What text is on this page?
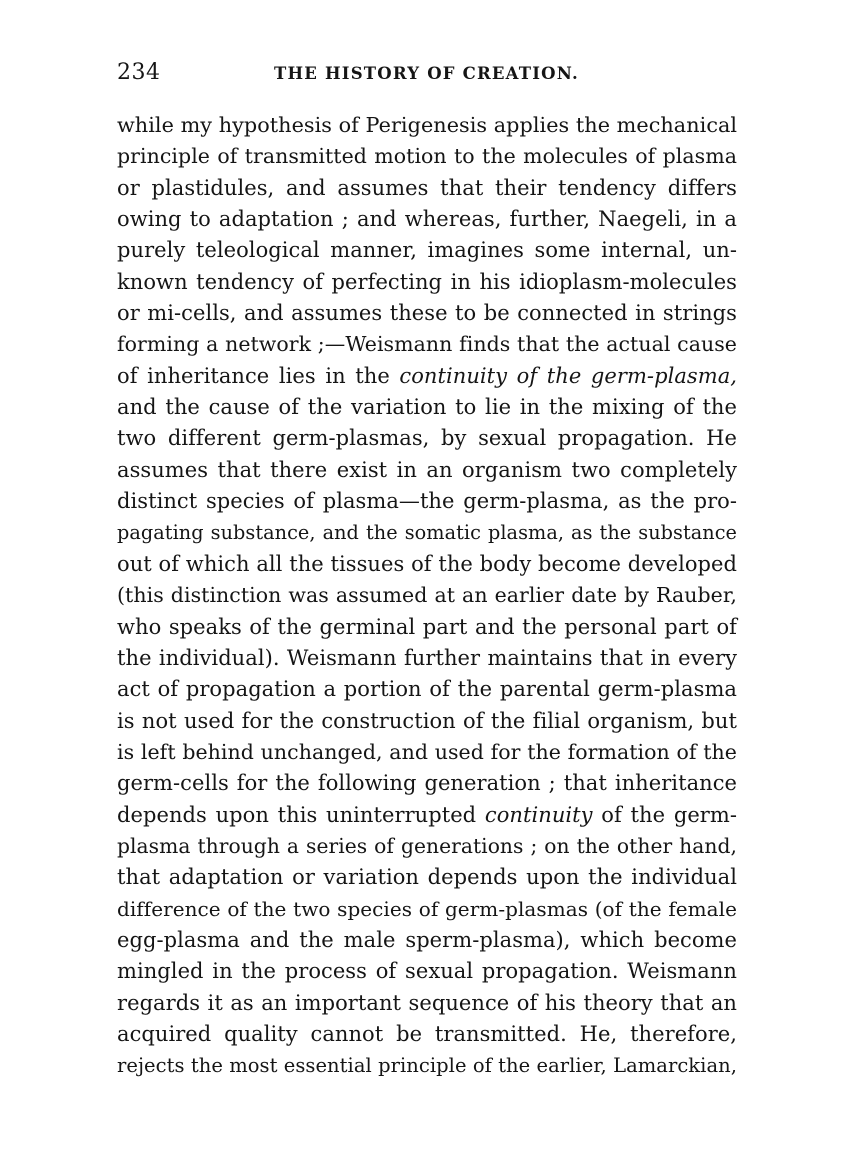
234	THE HISTORY OF CREATION.
while my hypothesis of Perigenesis applies the mechanical
principle of transmitted motion to the molecules of plasma
or plastidules, and assumes that their tendency differs
owing to adaptation ; and whereas, further, Naegeli, in a
purely teleological manner, imagines some internal, un-
known tendency of perfecting in his idioplasm-molecules
or mi-cells, and assumes these to be connected in strings
forming a network ;—Weismann finds that the actual cause
of inheritance lies in the continuity of the germ-plasma,
and the cause of the variation to lie in the mixing of the
two different germ-plasmas, by sexual propagation. He
assumes that there exist in an organism two completely
distinct species of plasma—the germ-plasma, as the pro-
pagating substance, and the somatic plasma, as the substance
out of which all the tissues of the body become developed
(this distinction was assumed at an earlier date by Rauber,
who speaks of the germinal part and the personal part of
the individual). Weismann further maintains that in every
act of propagation a portion of the parental germ-plasma
is not used for the construction of the filial organism, but
is left behind unchanged, and used for the formation of the
germ-cells for the following generation ; that inheritance
depends upon this uninterrupted continuity of the germ-
plasma through a series of generations ; on the other hand,
that adaptation or variation depends upon the individual
difference of the two species of germ-plasmas (of the female
egg-plasma and the male sperm-plasma), which become
mingled in the process of sexual propagation. Weismann
regards it as an important sequence of his theory that an
acquired quality cannot be transmitted. He, therefore,
rejects the most essential principle of the earlier, Lamarckian,
